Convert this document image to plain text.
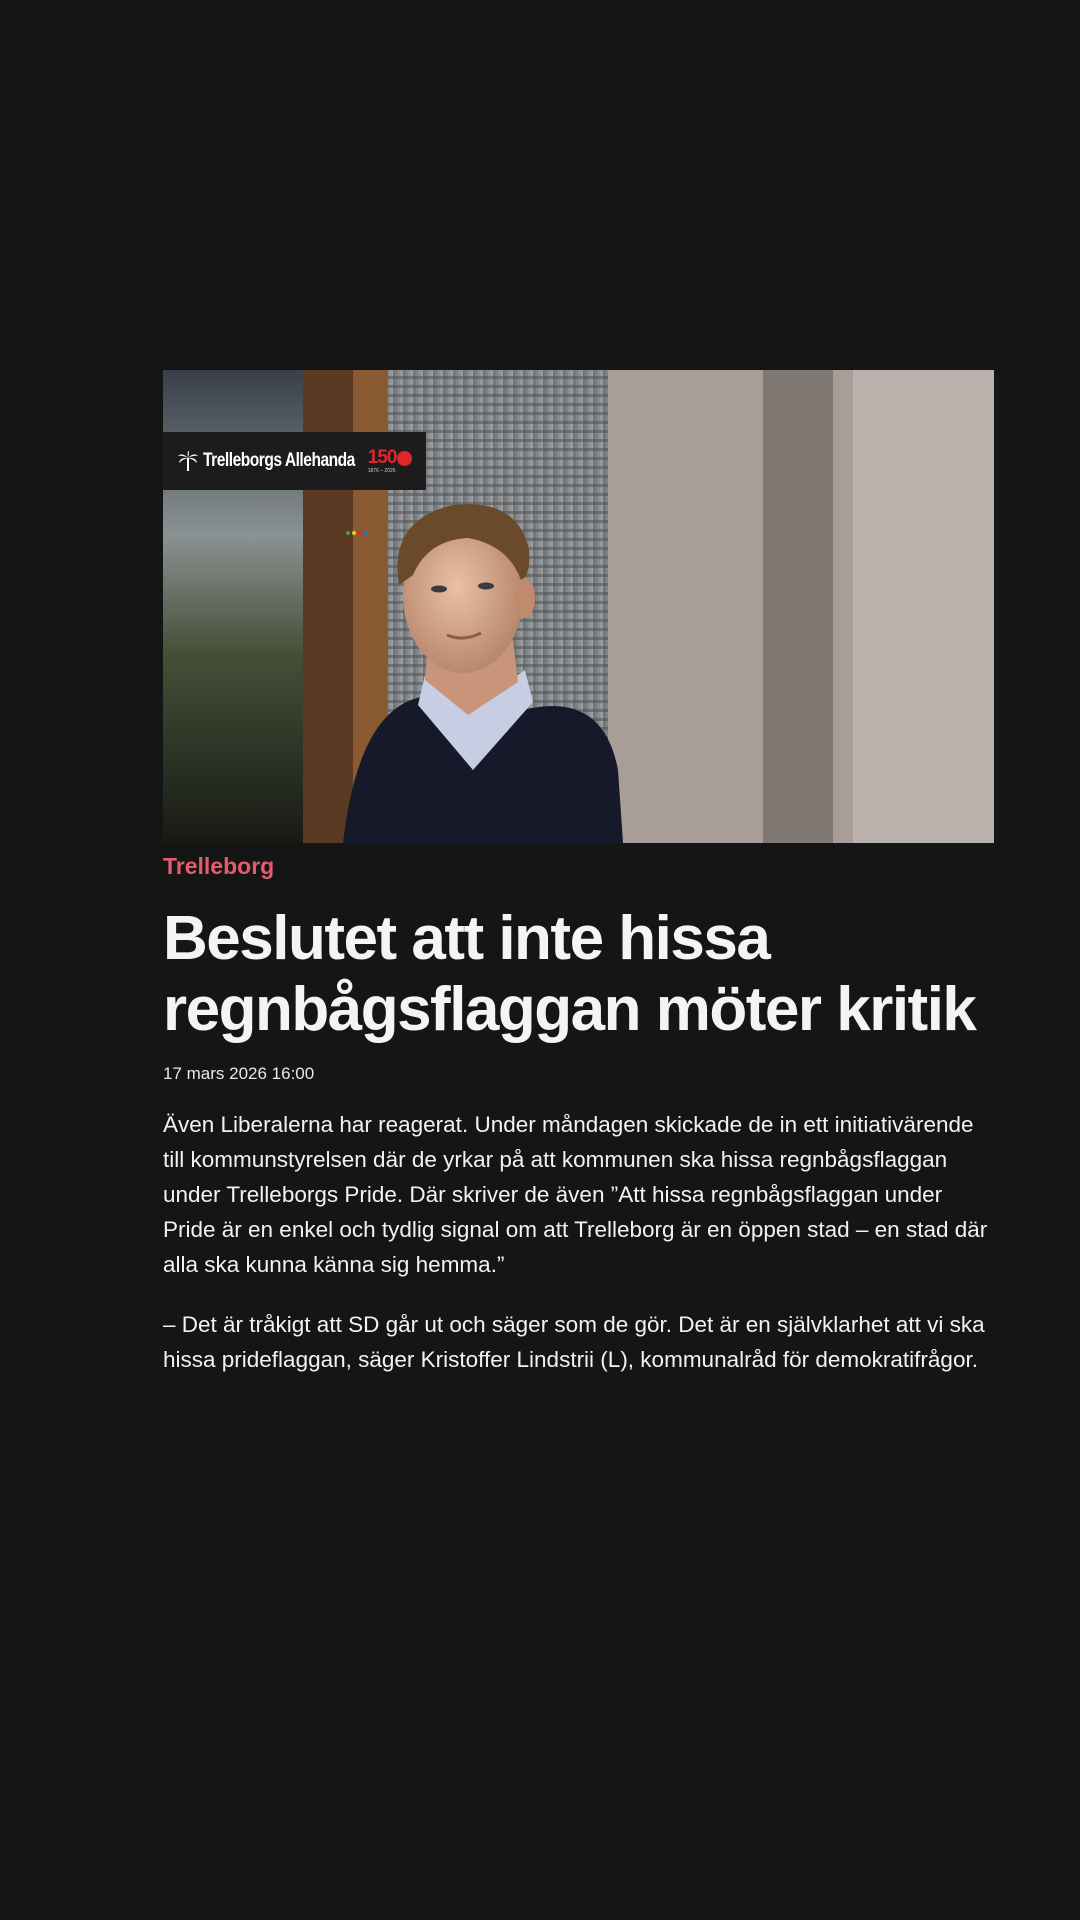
Trelleborgs Allehanda 150
1876 – 2026
Trelleborg
Beslutet att inte hissa regnbågsflaggan möter kritik
17 mars 2026 16:00

Även Liberalerna har reagerat. Under måndagen skickade de in ett initiativärende till kommunstyrelsen där de yrkar på att kommunen ska hissa regnbågsflaggan under Trelleborgs Pride. Där skriver de även ”Att hissa regnbågsflaggan under Pride är en enkel och tydlig signal om att Trelleborg är en öppen stad – en stad där alla ska kunna känna sig hemma.”

– Det är tråkigt att SD går ut och säger som de gör. Det är en självklarhet att vi ska hissa prideflaggan, säger Kristoffer Lindstrii (L), kommunalråd för demokratifrågor.
